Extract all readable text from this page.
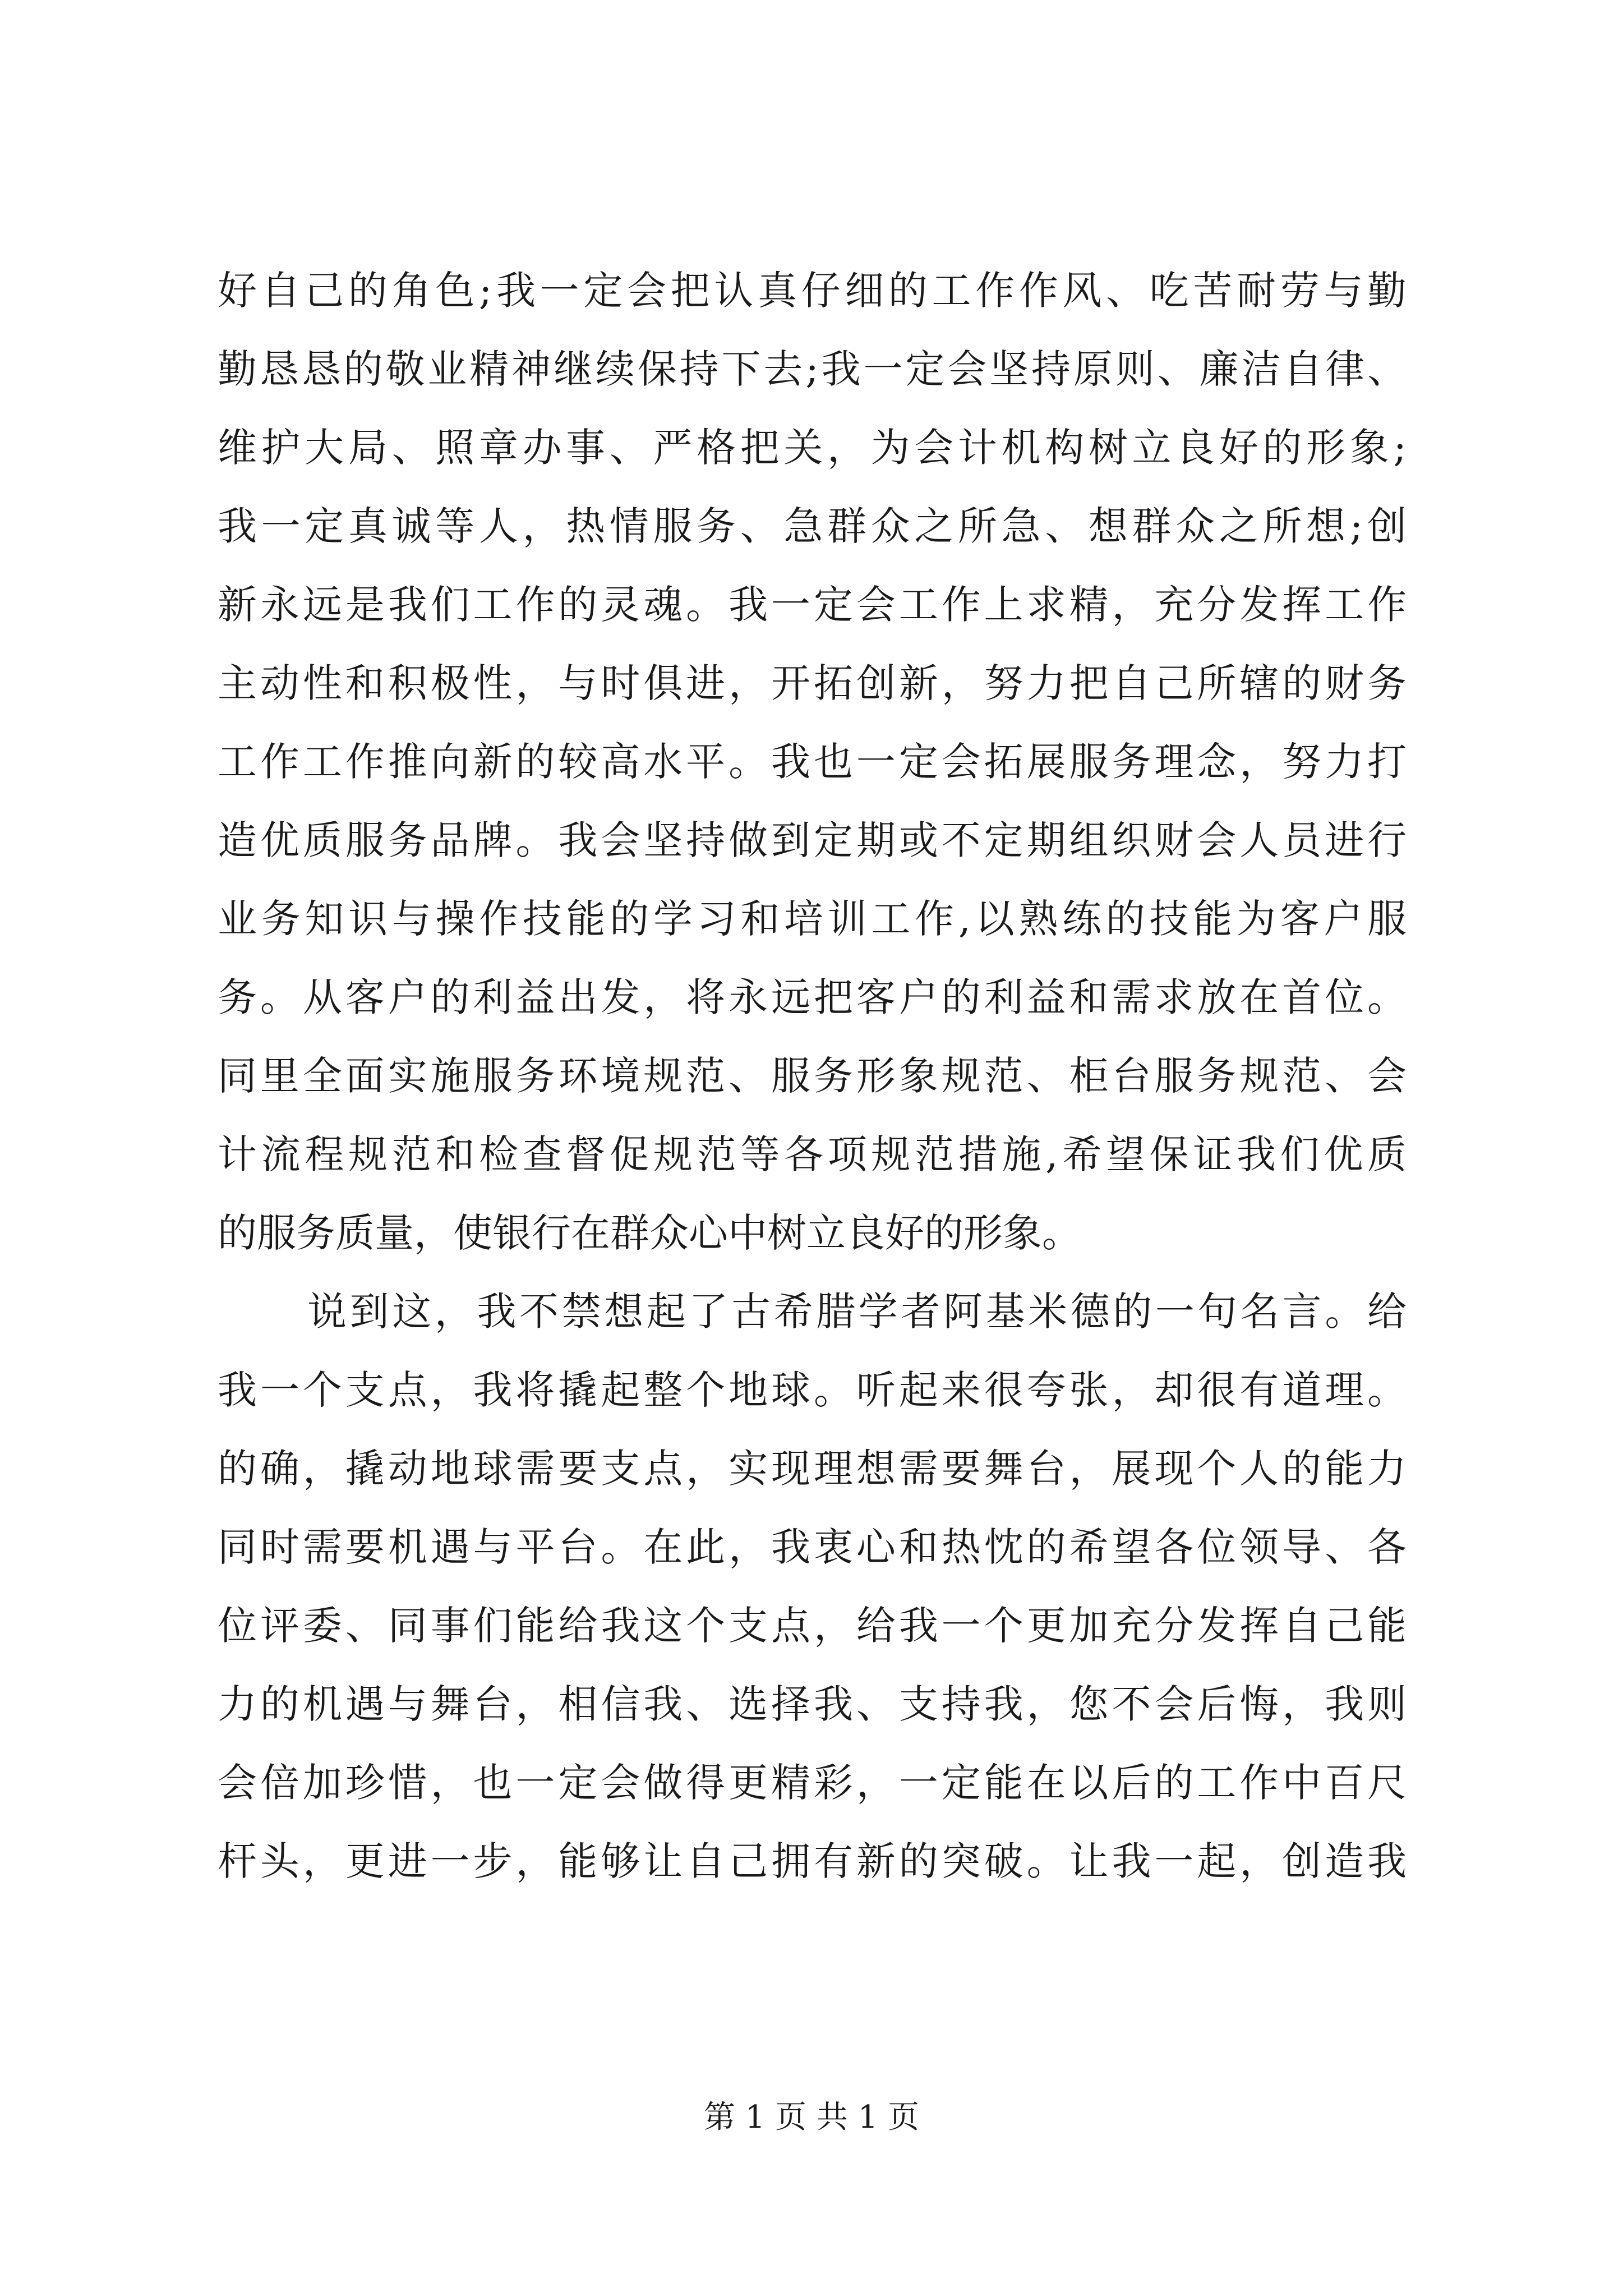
好自己的角色;我一定会把认真仔细的工作作风、吃苦耐劳与勤
勤恳恳的敬业精神继续保持下去;我一定会坚持原则、廉洁自律、
维护大局、照章办事、严格把关，为会计机构树立良好的形象;
我一定真诚等人，热情服务、急群众之所急、想群众之所想;创
新永远是我们工作的灵魂。我一定会工作上求精，充分发挥工作
主动性和积极性，与时俱进，开拓创新，努力把自己所辖的财务
工作工作推向新的较高水平。我也一定会拓展服务理念，努力打
造优质服务品牌。我会坚持做到定期或不定期组织财会人员进行
业务知识与操作技能的学习和培训工作,以熟练的技能为客户服
务。从客户的利益出发，将永远把客户的利益和需求放在首位。
同里全面实施服务环境规范、服务形象规范、柜台服务规范、会
计流程规范和检查督促规范等各项规范措施,希望保证我们优质
的服务质量，使银行在群众心中树立良好的形象。
说到这，我不禁想起了古希腊学者阿基米德的一句名言。给
我一个支点，我将撬起整个地球。听起来很夸张，却很有道理。
的确，撬动地球需要支点，实现理想需要舞台，展现个人的能力
同时需要机遇与平台。在此，我衷心和热忱的希望各位领导、各
位评委、同事们能给我这个支点，给我一个更加充分发挥自己能
力的机遇与舞台，相信我、选择我、支持我，您不会后悔，我则
会倍加珍惜，也一定会做得更精彩，一定能在以后的工作中百尺
杆头，更进一步，能够让自己拥有新的突破。让我一起，创造我
第 1 页 共 1 页
